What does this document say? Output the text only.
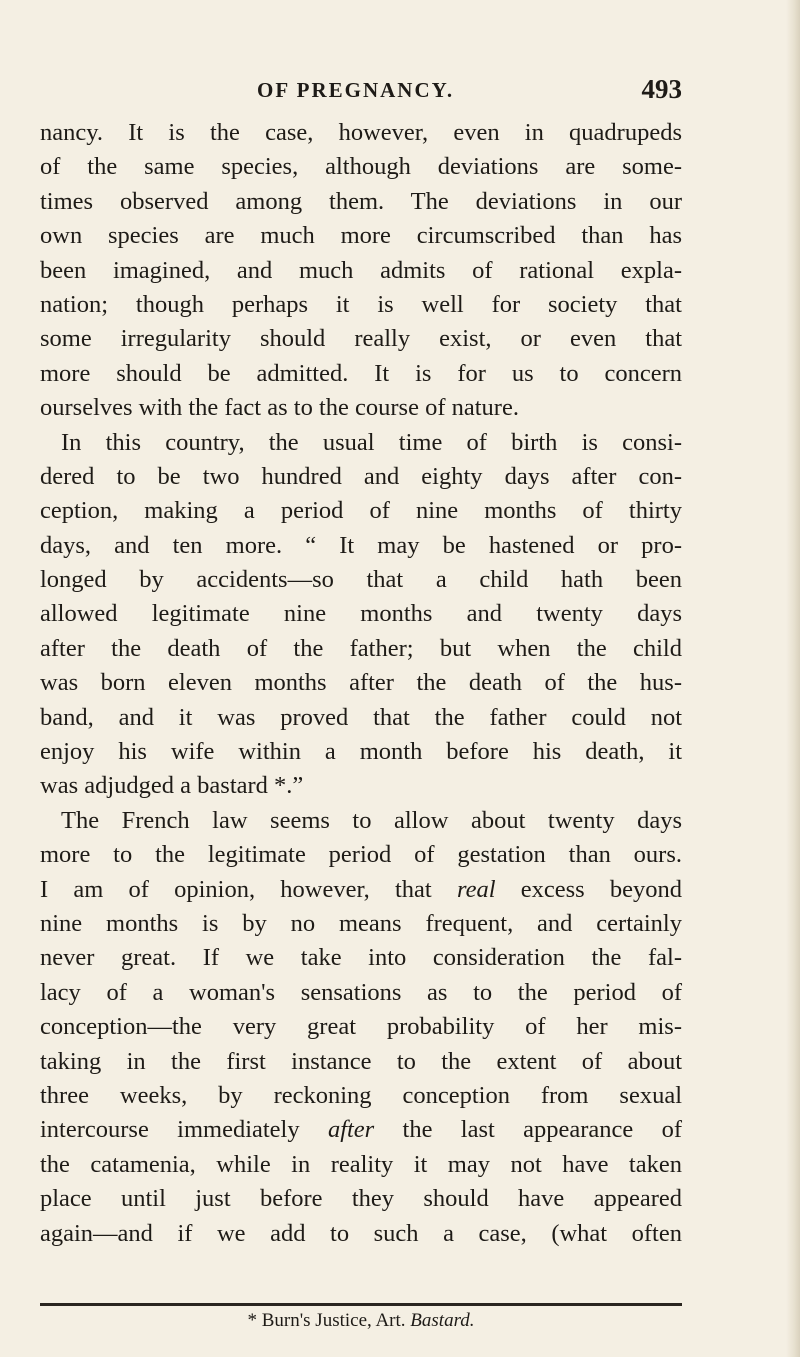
OF PREGNANCY.	493
nancy. It is the case, however, even in quadrupeds
of the same species, although deviations are some-
times observed among them. The deviations in our
own species are much more circumscribed than has
been imagined, and much admits of rational expla-
nation; though perhaps it is well for society that
some irregularity should really exist, or even that
more should be admitted. It is for us to concern
ourselves with the fact as to the course of nature.
In this country, the usual time of birth is consi-
dered to be two hundred and eighty days after con-
ception, making a period of nine months of thirty
days, and ten more. “ It may be hastened or pro-
longed by accidents—so that a child hath been
allowed legitimate nine months and twenty days
after the death of the father; but when the child
was born eleven months after the death of the hus-
band, and it was proved that the father could not
enjoy his wife within a month before his death, it
was adjudged a bastard *.”
The French law seems to allow about twenty days
more to the legitimate period of gestation than ours.
I am of opinion, however, that real excess beyond
nine months is by no means frequent, and certainly
never great. If we take into consideration the fal-
lacy of a woman's sensations as to the period of
conception—the very great probability of her mis-
taking in the first instance to the extent of about
three weeks, by reckoning conception from sexual
intercourse immediately after the last appearance of
the catamenia, while in reality it may not have taken
place until just before they should have appeared
again—and if we add to such a case, (what often
* Burn's Justice, Art. Bastard.
